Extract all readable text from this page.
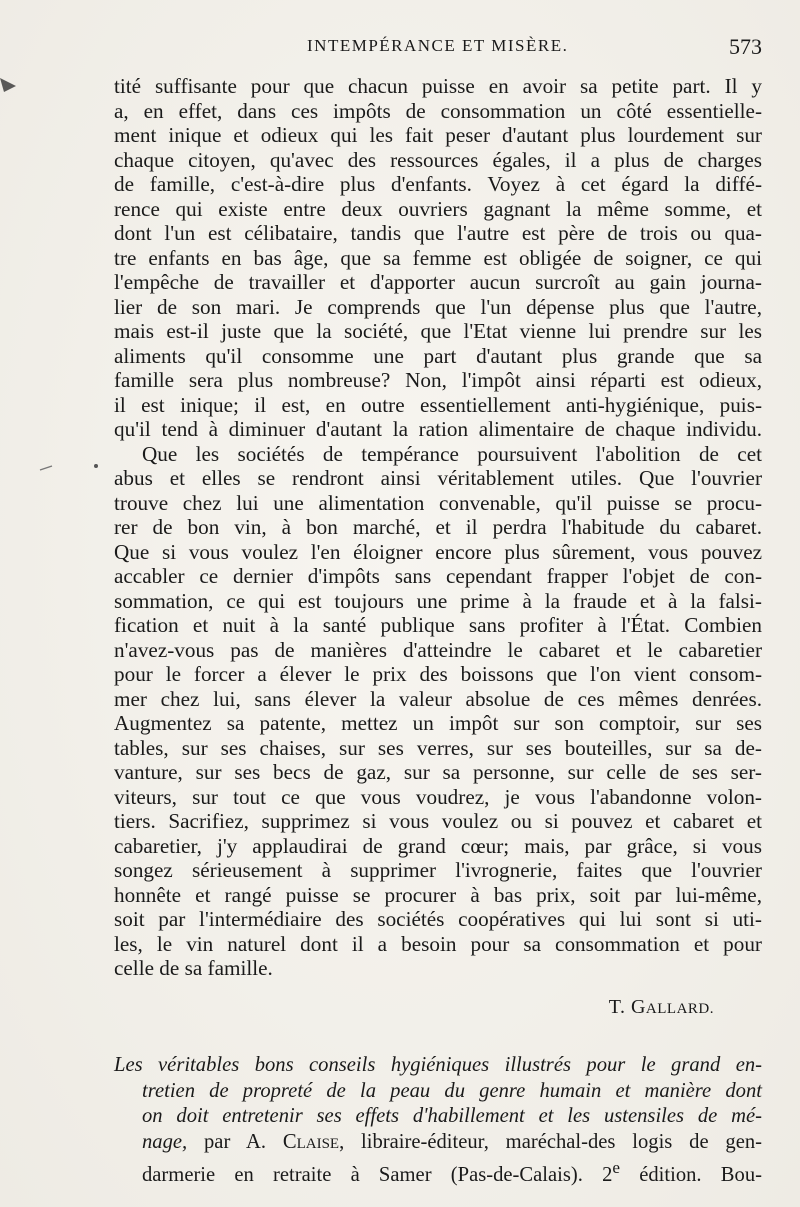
INTEMPÉRANCE ET MISÈRE.	573
tité suffisante pour que chacun puisse en avoir sa petite part. Il y
a, en effet, dans ces impôts de consommation un côté essentielle-
ment inique et odieux qui les fait peser d'autant plus lourdement sur
chaque citoyen, qu'avec des ressources égales, il a plus de charges
de famille, c'est-à-dire plus d'enfants. Voyez à cet égard la diffé-
rence qui existe entre deux ouvriers gagnant la même somme, et
dont l'un est célibataire, tandis que l'autre est père de trois ou qua-
tre enfants en bas âge, que sa femme est obligée de soigner, ce qui
l'empêche de travailler et d'apporter aucun surcroît au gain journa-
lier de son mari. Je comprends que l'un dépense plus que l'autre,
mais est-il juste que la société, que l'Etat vienne lui prendre sur les
aliments qu'il consomme une part d'autant plus grande que sa
famille sera plus nombreuse? Non, l'impôt ainsi réparti est odieux,
il est inique; il est, en outre essentiellement anti-hygiénique, puis-
qu'il tend à diminuer d'autant la ration alimentaire de chaque individu.
Que les sociétés de tempérance poursuivent l'abolition de cet
abus et elles se rendront ainsi véritablement utiles. Que l'ouvrier
trouve chez lui une alimentation convenable, qu'il puisse se procu-
rer de bon vin, à bon marché, et il perdra l'habitude du cabaret.
Que si vous voulez l'en éloigner encore plus sûrement, vous pouvez
accabler ce dernier d'impôts sans cependant frapper l'objet de con-
sommation, ce qui est toujours une prime à la fraude et à la falsi-
fication et nuit à la santé publique sans profiter à l'État. Combien
n'avez-vous pas de manières d'atteindre le cabaret et le cabaretier
pour le forcer a élever le prix des boissons que l'on vient consom-
mer chez lui, sans élever la valeur absolue de ces mêmes denrées.
Augmentez sa patente, mettez un impôt sur son comptoir, sur ses
tables, sur ses chaises, sur ses verres, sur ses bouteilles, sur sa de-
vanture, sur ses becs de gaz, sur sa personne, sur celle de ses ser-
viteurs, sur tout ce que vous voudrez, je vous l'abandonne volon-
tiers. Sacrifiez, supprimez si vous voulez ou si pouvez et cabaret et
cabaretier, j'y applaudirai de grand cœur; mais, par grâce, si vous
songez sérieusement à supprimer l'ivrognerie, faites que l'ouvrier
honnête et rangé puisse se procurer à bas prix, soit par lui-même,
soit par l'intermédiaire des sociétés coopératives qui lui sont si uti-
les, le vin naturel dont il a besoin pour sa consommation et pour
celle de sa famille.
T. GALLARD.
Les véritables bons conseils hygiéniques illustrés pour le grand en-
tretien de propreté de la peau du genre humain et manière dont
on doit entretenir ses effets d'habillement et les ustensiles de mé-
nage, par A. CLAISE, libraire-éditeur, maréchal-des logis de gen-
darmerie en retraite à Samer (Pas-de-Calais). 2e édition. Bou-
